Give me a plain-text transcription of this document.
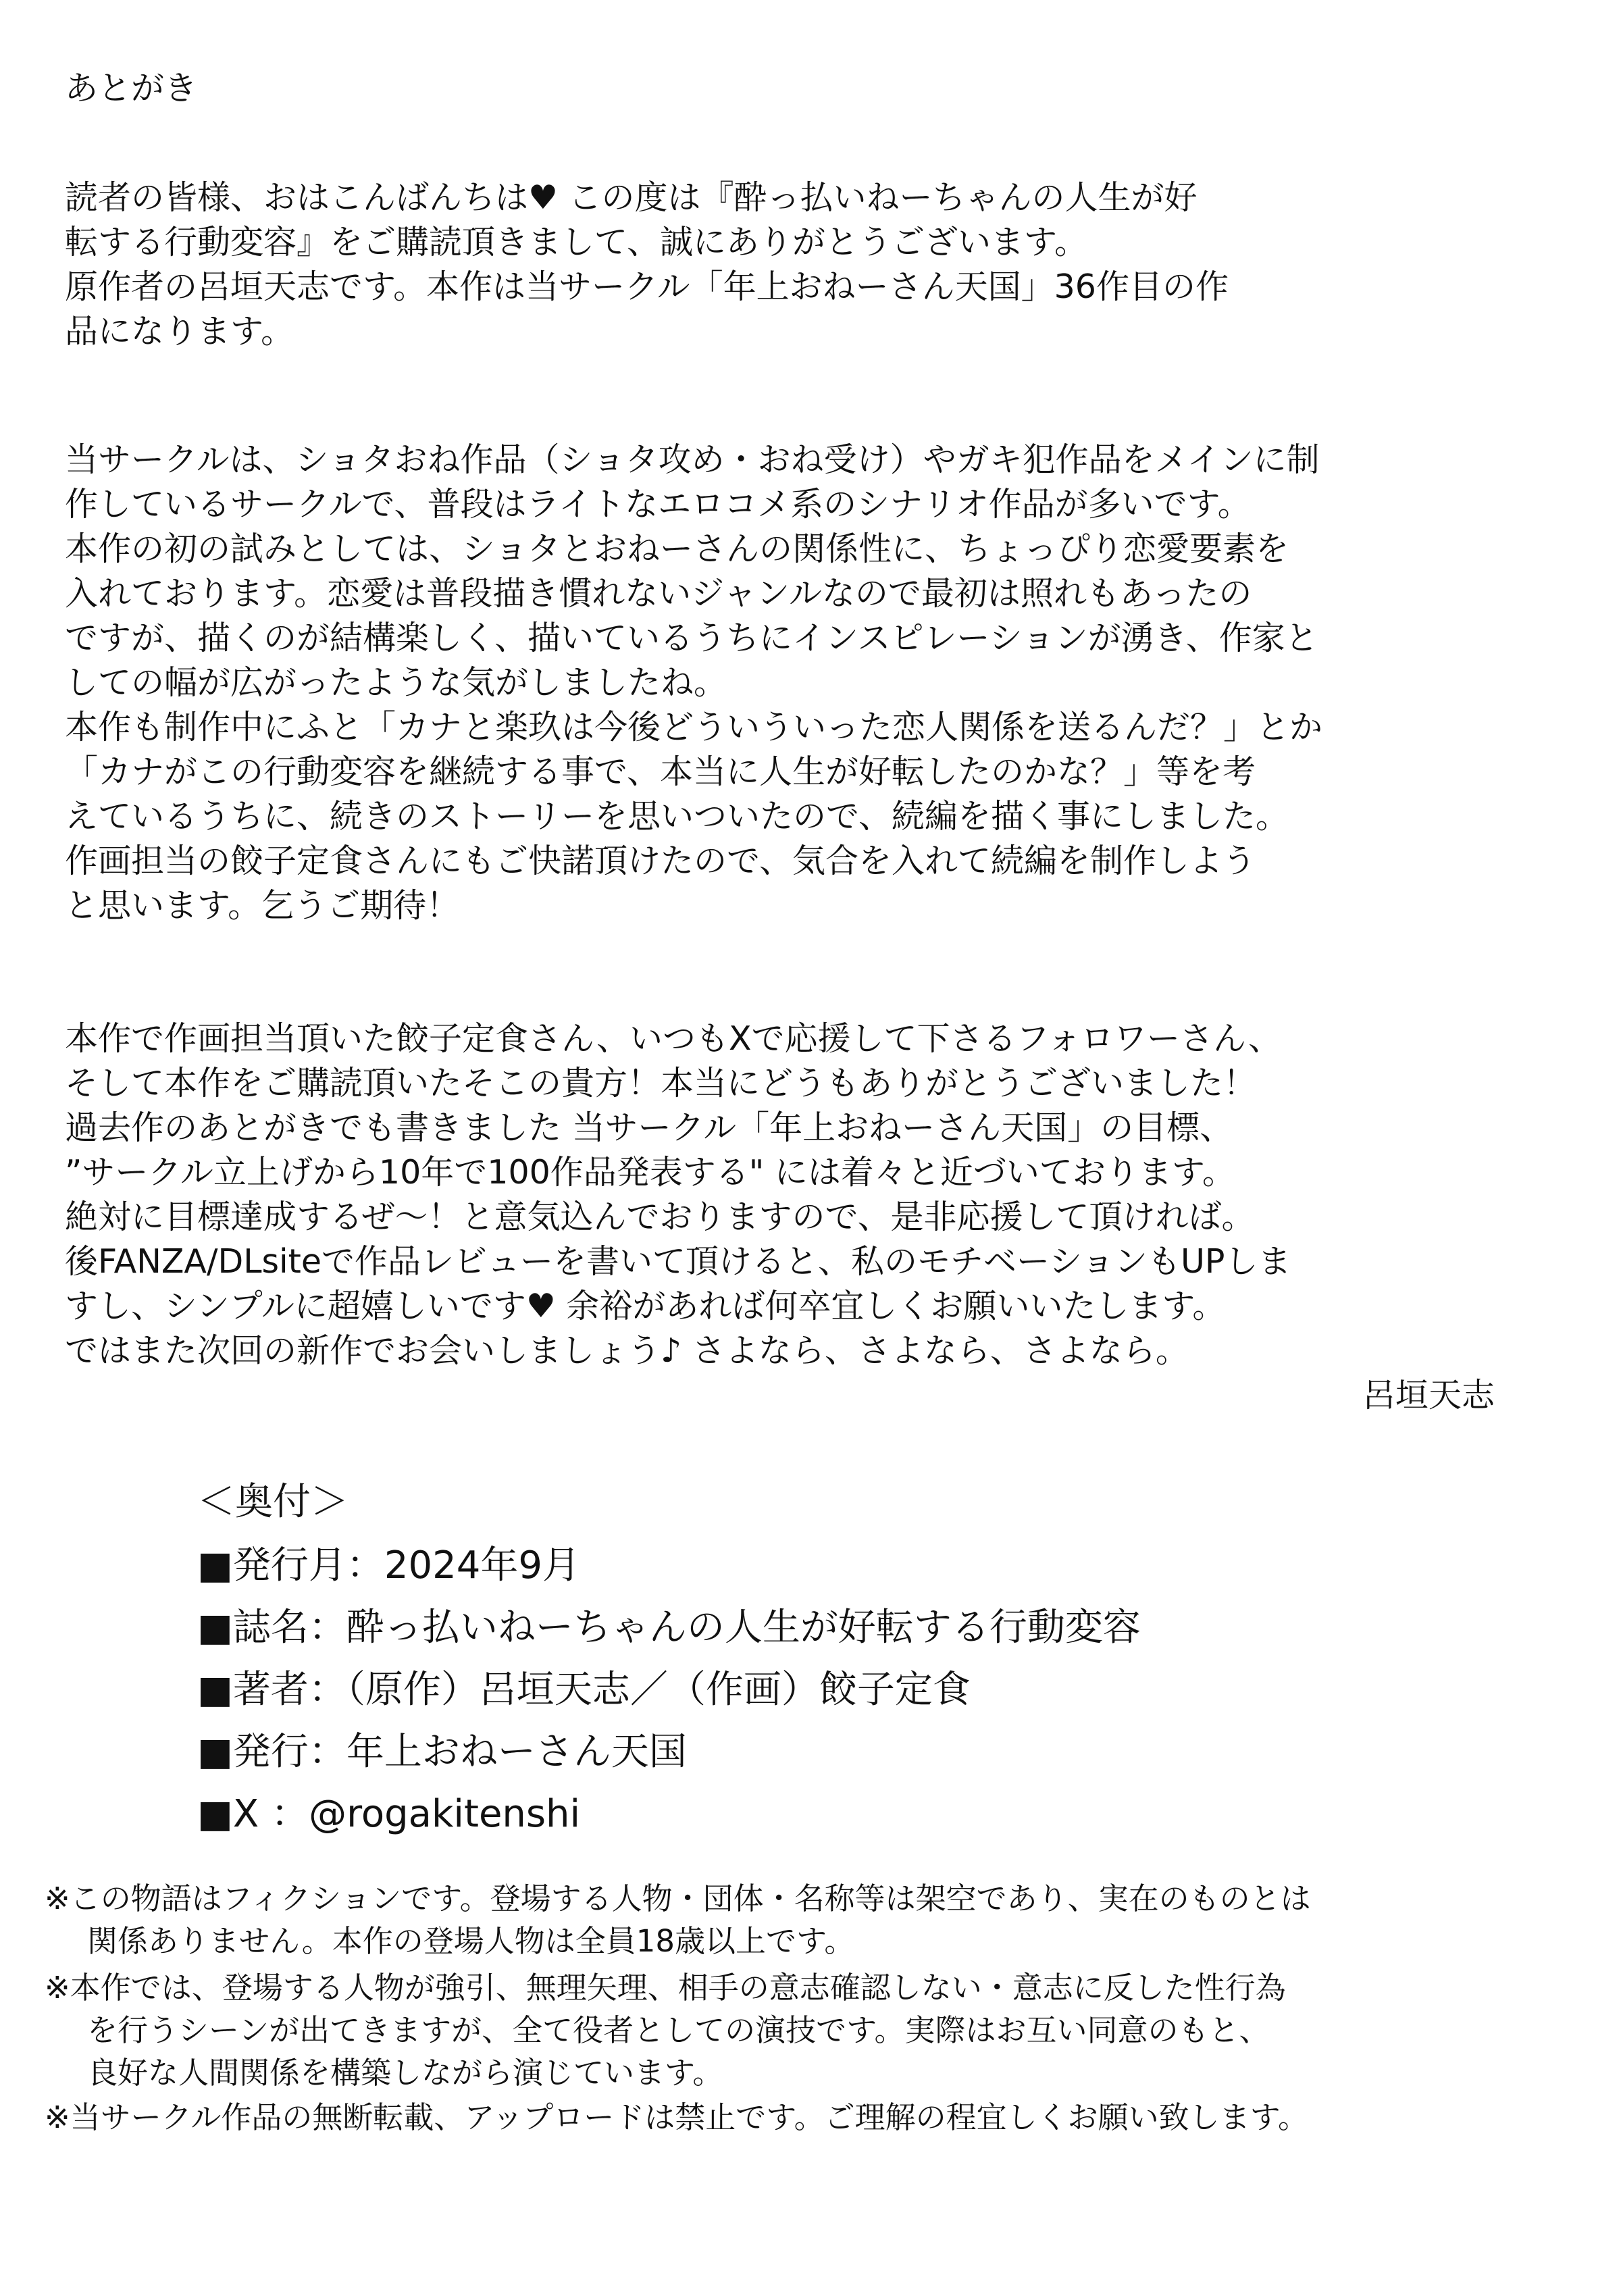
あとがき
読者の皆様、おはこんばんちは♥ この度は『酔っ払いねーちゃんの人生が好
転する行動変容』をご購読頂きまして、誠にありがとうございます。
原作者の呂垣天志です。本作は当サークル「年上おねーさん天国」36作目の作
品になります。
当サークルは、ショタおね作品（ショタ攻め・おね受け）やガキ犯作品をメインに制
作しているサークルで、普段はライトなエロコメ系のシナリオ作品が多いです。
本作の初の試みとしては、ショタとおねーさんの関係性に、ちょっぴり恋愛要素を
入れております。恋愛は普段描き慣れないジャンルなので最初は照れもあったの
ですが、描くのが結構楽しく、描いているうちにインスピレーションが湧き、作家と
しての幅が広がったような気がしましたね。
本作も制作中にふと「カナと楽玖は今後どういういった恋人関係を送るんだ？」とか
「カナがこの行動変容を継続する事で、本当に人生が好転したのかな？」等を考
えているうちに、続きのストーリーを思いついたので、続編を描く事にしました。
作画担当の餃子定食さんにもご快諾頂けたので、気合を入れて続編を制作しよう
と思います。乞うご期待！
本作で作画担当頂いた餃子定食さん、いつもXで応援して下さるフォロワーさん、
そして本作をご購読頂いたそこの貴方！本当にどうもありがとうございました！
過去作のあとがきでも書きました 当サークル「年上おねーさん天国」の目標、
”サークル立上げから10年で100作品発表する" には着々と近づいております。
絶対に目標達成するぜ～！と意気込んでおりますので、是非応援して頂ければ。
後FANZA/DLsiteで作品レビューを書いて頂けると、私のモチベーションもUPしま
すし、シンプルに超嬉しいです♥ 余裕があれば何卒宜しくお願いいたします。
ではまた次回の新作でお会いしましょう♪ さよなら、さよなら、さよなら。
呂垣天志
＜奥付＞
■発行月：2024年9月
■誌名：酔っ払いねーちゃんの人生が好転する行動変容
■著者：（原作）呂垣天志／（作画）餃子定食
■発行：年上おねーさん天国
■X ：@rogakitenshi
※この物語はフィクションです。登場する人物・団体・名称等は架空であり、実在のものとは
関係ありません。本作の登場人物は全員18歳以上です。
※本作では、登場する人物が強引、無理矢理、相手の意志確認しない・意志に反した性行為
を行うシーンが出てきますが、全て役者としての演技です。実際はお互い同意のもと、
良好な人間関係を構築しながら演じています。
※当サークル作品の無断転載、アップロードは禁止です。ご理解の程宜しくお願い致します。
